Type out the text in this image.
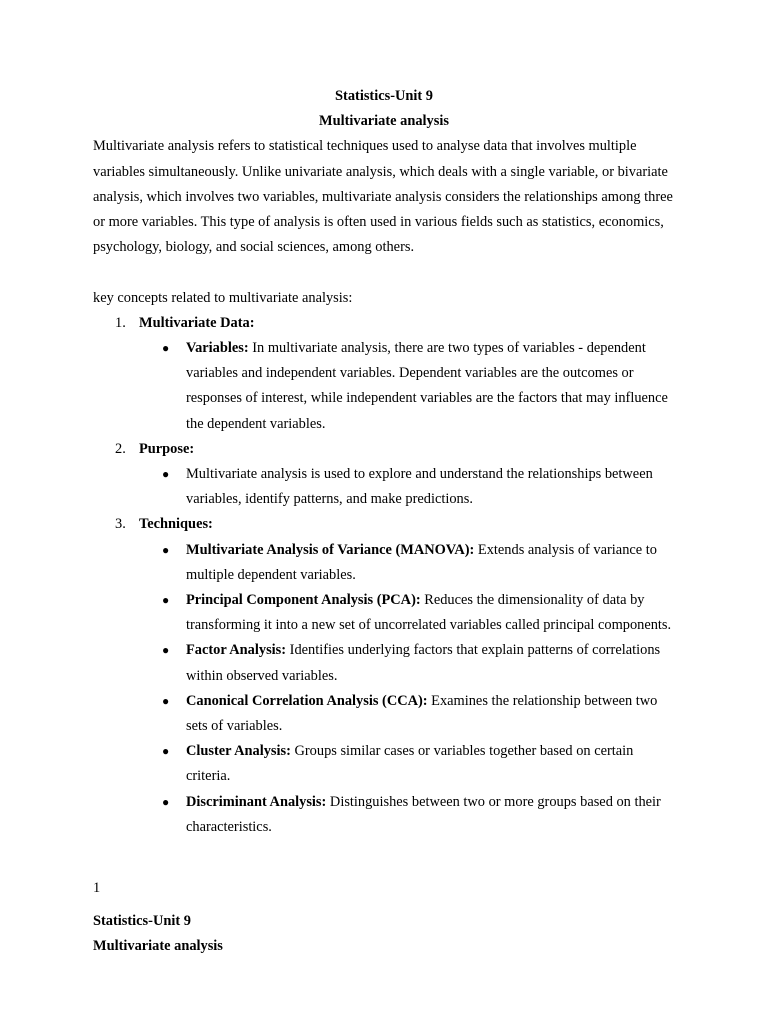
Statistics-Unit 9
Multivariate analysis

Multivariate analysis refers to statistical techniques used to analyse data that involves multiple variables simultaneously. Unlike univariate analysis, which deals with a single variable, or bivariate analysis, which involves two variables, multivariate analysis considers the relationships among three or more variables. This type of analysis is often used in various fields such as statistics, economics, psychology, biology, and social sciences, among others.

key concepts related to multivariate analysis:
1. Multivariate Data:
●	Variables: In multivariate analysis, there are two types of variables - dependent variables and independent variables. Dependent variables are the outcomes or responses of interest, while independent variables are the factors that may influence the dependent variables.
2. Purpose:
●	Multivariate analysis is used to explore and understand the relationships between variables, identify patterns, and make predictions.
3. Techniques:
●	Multivariate Analysis of Variance (MANOVA): Extends analysis of variance to multiple dependent variables.
●	Principal Component Analysis (PCA): Reduces the dimensionality of data by transforming it into a new set of uncorrelated variables called principal components.
●	Factor Analysis: Identifies underlying factors that explain patterns of correlations within observed variables.
●	Canonical Correlation Analysis (CCA): Examines the relationship between two sets of variables.
●	Cluster Analysis: Groups similar cases or variables together based on certain criteria.
●	Discriminant Analysis: Distinguishes between two or more groups based on their characteristics.
1
Statistics-Unit 9
Multivariate analysis
